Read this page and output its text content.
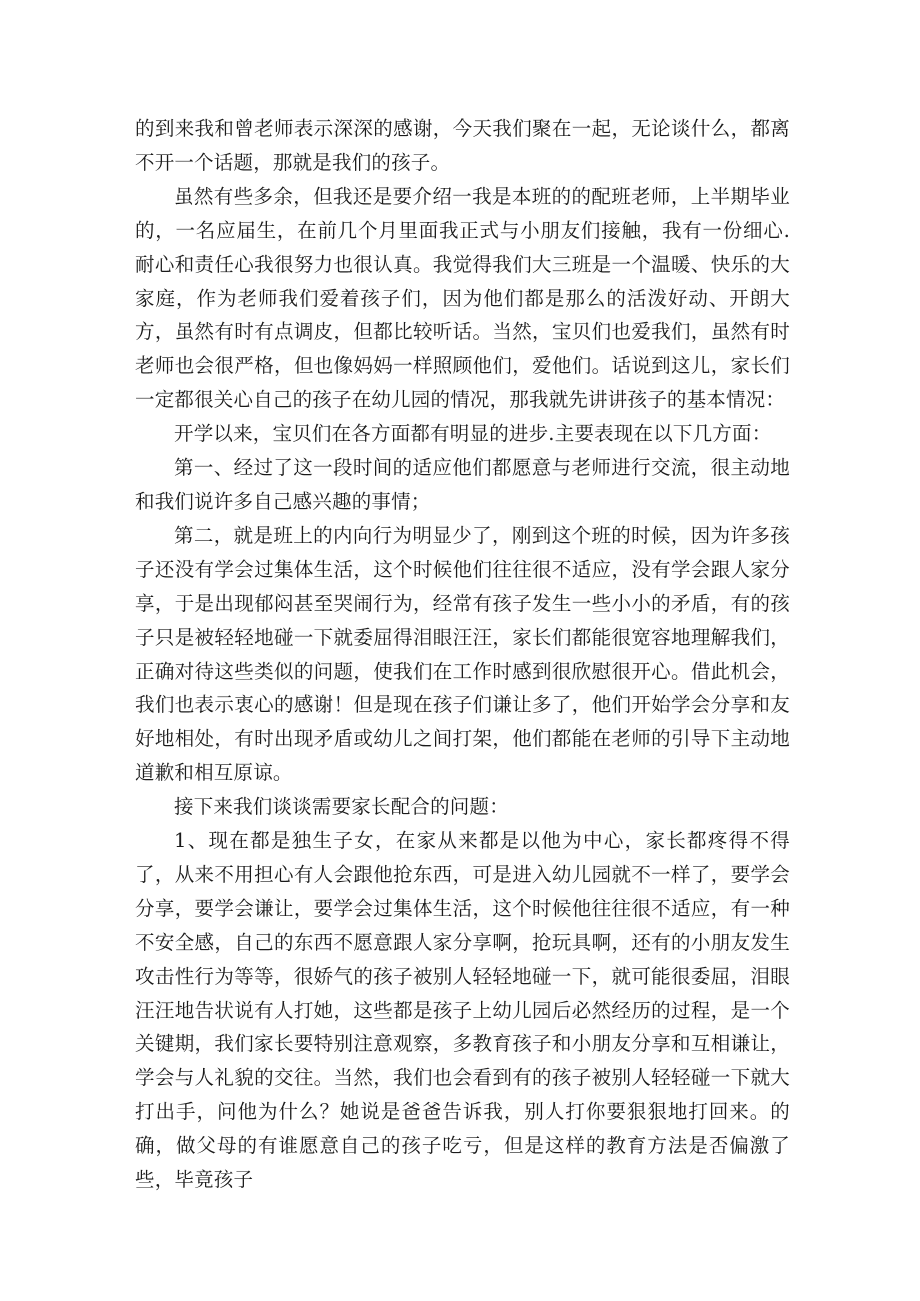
的到来我和曾老师表示深深的感谢，今天我们聚在一起，无论谈什么，都离不开一个话题，那就是我们的孩子。

虽然有些多余，但我还是要介绍一我是本班的的配班老师，上半期毕业的，一名应届生，在前几个月里面我正式与小朋友们接触，我有一份细心.耐心和责任心我很努力也很认真。我觉得我们大三班是一个温暖、快乐的大家庭，作为老师我们爱着孩子们，因为他们都是那么的活泼好动、开朗大方，虽然有时有点调皮，但都比较听话。当然，宝贝们也爱我们，虽然有时老师也会很严格，但也像妈妈一样照顾他们，爱他们。话说到这儿，家长们一定都很关心自己的孩子在幼儿园的情况，那我就先讲讲孩子的基本情况：

开学以来，宝贝们在各方面都有明显的进步.主要表现在以下几方面：

第一、经过了这一段时间的适应他们都愿意与老师进行交流，很主动地和我们说许多自己感兴趣的事情；

第二，就是班上的内向行为明显少了，刚到这个班的时候，因为许多孩子还没有学会过集体生活，这个时候他们往往很不适应，没有学会跟人家分享，于是出现郁闷甚至哭闹行为，经常有孩子发生一些小小的矛盾，有的孩子只是被轻轻地碰一下就委屈得泪眼汪汪，家长们都能很宽容地理解我们，正确对待这些类似的问题，使我们在工作时感到很欣慰很开心。借此机会，我们也表示衷心的感谢！但是现在孩子们谦让多了，他们开始学会分享和友好地相处，有时出现矛盾或幼儿之间打架，他们都能在老师的引导下主动地道歉和相互原谅。

接下来我们谈谈需要家长配合的问题：

1、现在都是独生子女，在家从来都是以他为中心，家长都疼得不得了，从来不用担心有人会跟他抢东西，可是进入幼儿园就不一样了，要学会分享，要学会谦让，要学会过集体生活，这个时候他往往很不适应，有一种不安全感，自己的东西不愿意跟人家分享啊，抢玩具啊，还有的小朋友发生攻击性行为等等，很娇气的孩子被别人轻轻地碰一下，就可能很委屈，泪眼汪汪地告状说有人打她，这些都是孩子上幼儿园后必然经历的过程，是一个关键期，我们家长要特别注意观察，多教育孩子和小朋友分享和互相谦让，学会与人礼貌的交往。当然，我们也会看到有的孩子被别人轻轻碰一下就大打出手，问他为什么？她说是爸爸告诉我，别人打你要狠狠地打回来。的确，做父母的有谁愿意自己的孩子吃亏，但是这样的教育方法是否偏激了些，毕竟孩子
